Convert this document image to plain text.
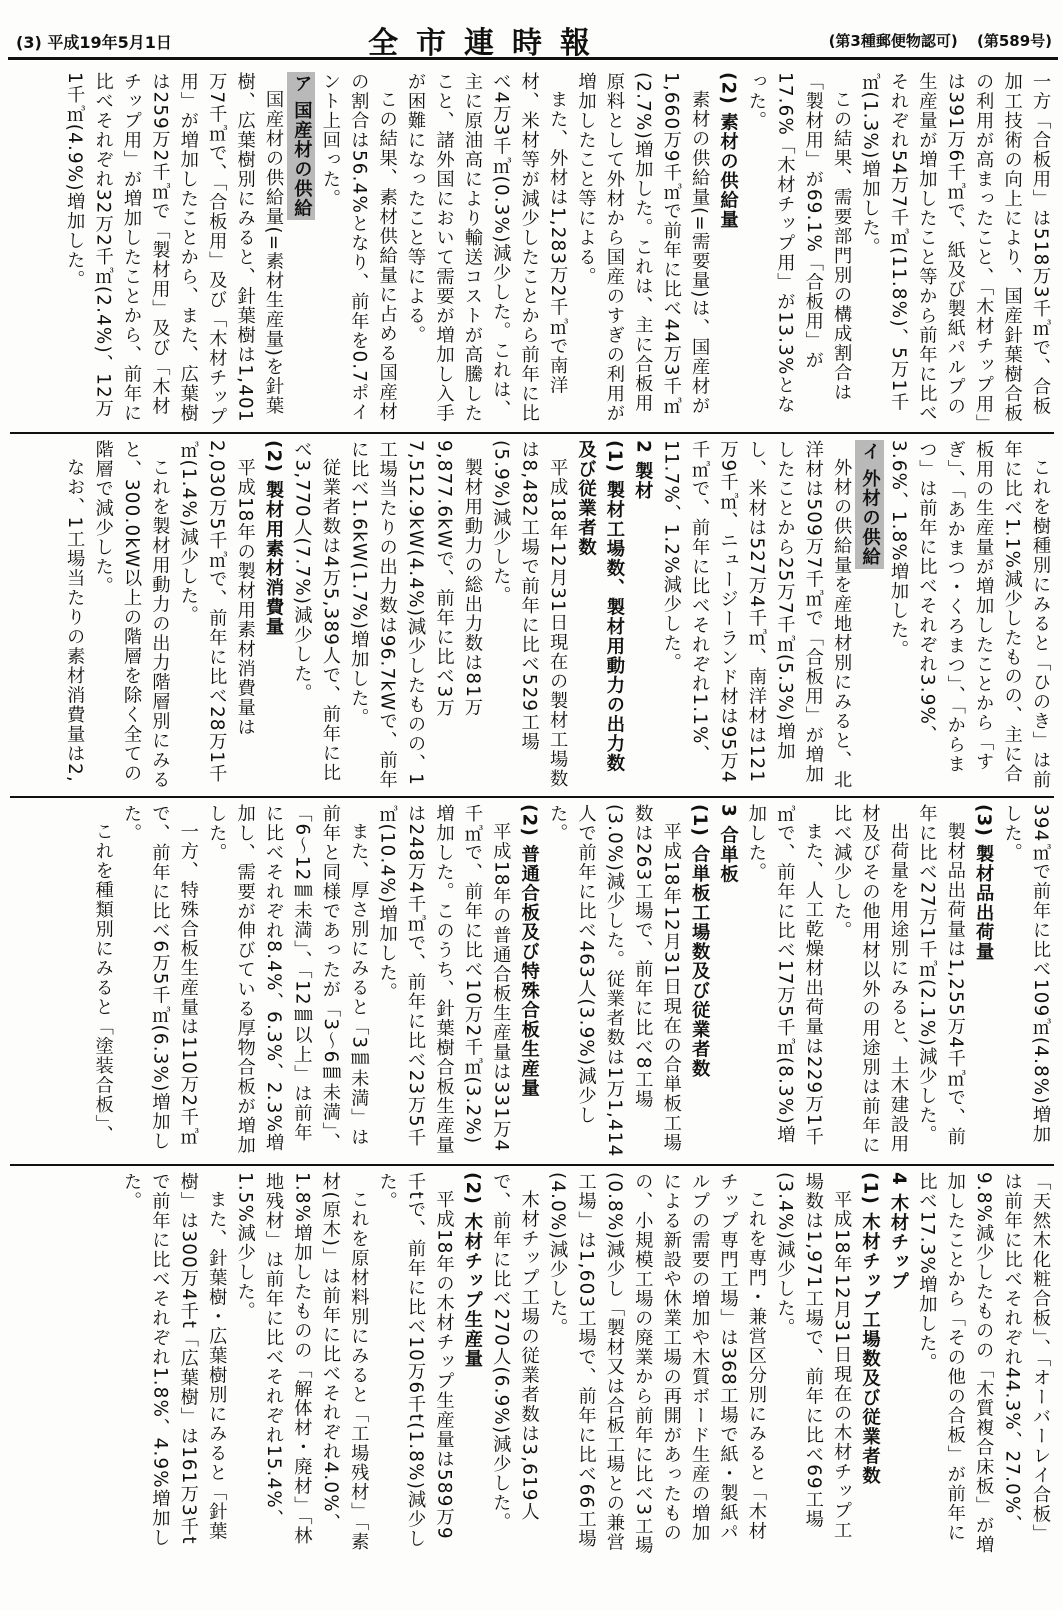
(3) 平成19年5月1日	全市連時報	(第3種郵便物認可) (第589号)

一方「合板用」は518万3千㎥で、合板加工技術の向上により、国産針葉樹合板の利用が高まったこと、「木材チップ用」は391万6千㎥で、紙及び製紙パルプの生産量が増加したこと等から前年に比べそれぞれ54万7千㎥(11.8%)、5万1千㎥(1.3%)増加した。

この結果、需要部門別の構成割合は「製材用」が69.1%「合板用」が17.6%「木材チップ用」が13.3%となった。

(2) 素材の供給量

素材の供給量(=需要量)は、国産材が1,660万9千㎥で前年に比べ44万3千㎥(2.7%)増加した。これは、主に合板用原料として外材から国産のすぎの利用が増加したこと等による。

また、外材は1,283万2千㎥で南洋材、米材等が減少したことから前年に比べ4万3千㎥(0.3%)減少した。これは、主に原油高により輸送コストが高騰したこと、諸外国において需要が増加し入手が困難になったこと等による。

この結果、素材供給量に占める国産材の割合は56.4%となり、前年を0.7ポイント上回った。

ア 国産材の供給

国産材の供給量(=素材生産量)を針葉樹、広葉樹別にみると、針葉樹は1,401万7千㎥で、「合板用」及び「木材チップ用」が増加したことから、また、広葉樹は259万2千㎥で「製材用」及び「木材チップ用」が増加したことから、前年に比べそれぞれ32万2千㎥(2.4%)、12万1千㎥(4.9%)増加した。

これを樹種別にみると「ひのき」は前年に比べ1.1%減少したものの、主に合板用の生産量が増加したことから「すぎ」、「あかまつ・くろまつ」、「からまつ」は前年に比べそれぞれ3.9%、3.6%、1.8%増加した。

イ 外材の供給

外材の供給量を産地材別にみると、北洋材は509万7千㎥で「合板用」が増加したことから25万7千㎥(5.3%)増加し、米材は527万4千㎥、南洋材は121万9千㎥、ニュージーランド材は95万4千㎥で、前年に比べそれぞれ1.1%、11.7%、1.2%減少した。

2 製材
(1) 製材工場数、製材用動力の出力数及び従業者数

平成18年12月31日現在の製材工場数は8,482工場で前年に比べ529工場(5.9%)減少した。

製材用動力の総出力数は81万9,877.6kWで、前年に比べ3万7,512.9kW(4.4%)減少したものの、1工場当たりの出力数は96.7kWで、前年に比べ1.6kW(1.7%)増加した。

従業者数は4万5,389人で、前年に比べ3,770人(7.7%)減少した。

(2) 製材用素材消費量

平成18年の製材用素材消費量は2,030万5千㎥で、前年に比べ28万1千㎥(1.4%)減少した。

これを製材用動力の出力階層別にみると、300.0kW以上の階層を除く全ての階層で減少した。

なお、1工場当たりの素材消費量は2,

394㎥で前年に比べ109㎥(4.8%)増加した。

(3) 製材品出荷量

製材品出荷量は1,255万4千㎥で、前年に比べ27万1千㎥(2.1%)減少した。

出荷量を用途別にみると、土木建設用材及びその他用材以外の用途別は前年に比べ減少した。

また、人工乾燥材出荷量は229万1千㎥で、前年に比べ17万5千㎥(8.3%)増加した。

3 合単板
(1) 合単板工場数及び従業者数

平成18年12月31日現在の合単板工場数は263工場で、前年に比べ8工場(3.0%)減少した。従業者数は1万1,414人で前年に比べ463人(3.9%)減少した。

(2) 普通合板及び特殊合板生産量

平成18年の普通合板生産量は331万4千㎥で、前年に比べ10万2千㎥(3.2%)増加した。このうち、針葉樹合板生産量は248万4千㎥で、前年に比べ23万5千㎥(10.4%)増加した。

また、厚さ別にみると「3㎜未満」は前年と同様であったが「3〜6㎜未満」、「6〜12㎜未満」、「12㎜以上」は前年に比べそれぞれ8.4%、6.3%、2.3%増加し、需要が伸びている厚物合板が増加した。

一方、特殊合板生産量は110万2千㎥で、前年に比べ6万5千㎥(6.3%)増加した。

これを種類別にみると「塗装合板」、

「天然木化粧合板」、「オーバーレイ合板」は前年に比べそれぞれ44.3%、27.0%、9.8%減少したものの「木質複合床板」が増加したことから「その他の合板」が前年に比べ17.3%増加した。

4 木材チップ
(1) 木材チップ工場数及び従業者数

平成18年12月31日現在の木材チップ工場数は1,971工場で、前年に比べ69工場(3.4%)減少した。

これを専門・兼営区分別にみると「木材チップ専門工場」は368工場で紙・製紙パルプの需要の増加や木質ボード生産の増加による新設や休業工場の再開があったものの、小規模工場の廃業から前年に比べ3工場(0.8%)減少し「製材又は合板工場との兼営工場」は1,603工場で、前年に比べ66工場(4.0%)減少した。

木材チップ工場の従業者数は3,619人で、前年に比べ270人(6.9%)減少した。

(2) 木材チップ生産量

平成18年の木材チップ生産量は589万9千tで、前年に比べ10万6千t(1.8%)減少した。

これを原材料別にみると「工場残材」「素材(原木)」は前年に比べそれぞれ4.0%、1.8%増加したものの「解体材・廃材」「林地残材」は前年に比べそれぞれ15.4%、1.5%減少した。

また、針葉樹・広葉樹別にみると「針葉樹」は300万4千t「広葉樹」は161万3千tで前年に比べそれぞれ1.8%、4.9%増加した。
